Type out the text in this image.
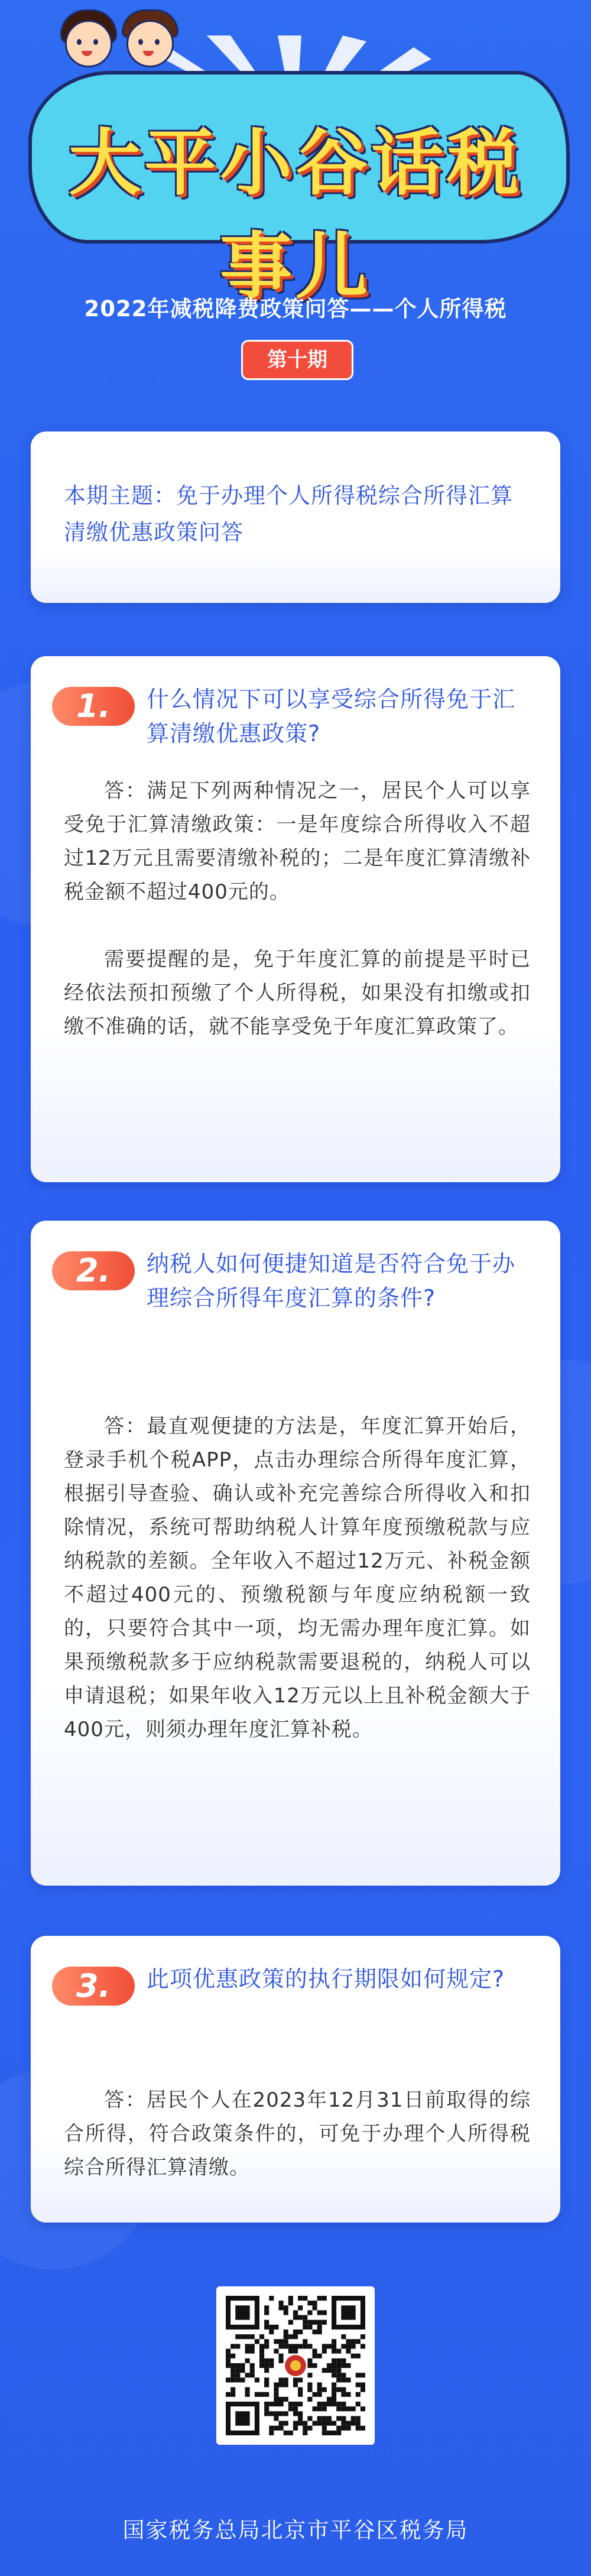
大平小谷话税事儿
2022年减税降费政策问答——个人所得税
第十期
本期主题：免于办理个人所得税综合所得汇算清缴优惠政策问答
1.	什么情况下可以享受综合所得免于汇算清缴优惠政策?

答：满足下列两种情况之一，居民个人可以享受免于汇算清缴政策：一是年度综合所得收入不超过12万元且需要清缴补税的；二是年度汇算清缴补税金额不超过400元的。

需要提醒的是，免于年度汇算的前提是平时已经依法预扣预缴了个人所得税，如果没有扣缴或扣缴不准确的话，就不能享受免于年度汇算政策了。

2.	纳税人如何便捷知道是否符合免于办理综合所得年度汇算的条件?

答：最直观便捷的方法是，年度汇算开始后，登录手机个税APP，点击办理综合所得年度汇算，根据引导查验、确认或补充完善综合所得收入和扣除情况，系统可帮助纳税人计算年度预缴税款与应纳税款的差额。全年收入不超过12万元、补税金额不超过400元的、预缴税额与年度应纳税额一致的，只要符合其中一项，均无需办理年度汇算。如果预缴税款多于应纳税款需要退税的，纳税人可以申请退税；如果年收入12万元以上且补税金额大于400元，则须办理年度汇算补税。

3.	此项优惠政策的执行期限如何规定?

答：居民个人在2023年12月31日前取得的综合所得，符合政策条件的，可免于办理个人所得税综合所得汇算清缴。

国家税务总局北京市平谷区税务局
